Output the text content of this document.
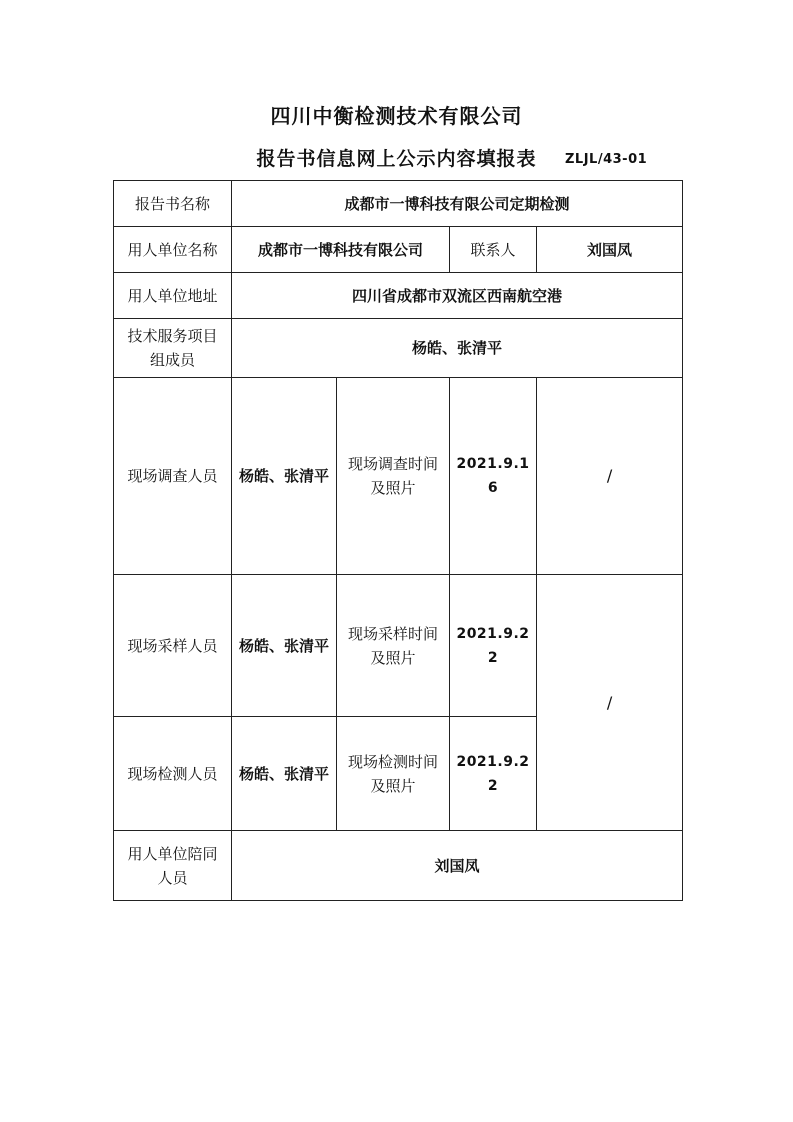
四川中衡检测技术有限公司
报告书信息网上公示内容填报表	ZLJL/43-01
报告书名称	成都市一博科技有限公司定期检测			
用人单位名称	成都市一博科技有限公司		联系人	刘国凤
用人单位地址	四川省成都市双流区西南航空港			

技术服务项目
组成员	杨皓、张清平			
现场调查人员	杨皓、张清平	现场调查时间
及照片	2021.9.16	/
现场采样人员	杨皓、张清平	现场采样时间
及照片	2021.9.22	/
现场检测人员	杨皓、张清平	现场检测时间
及照片	2021.9.22	

用人单位陪同
人员	刘国凤			
